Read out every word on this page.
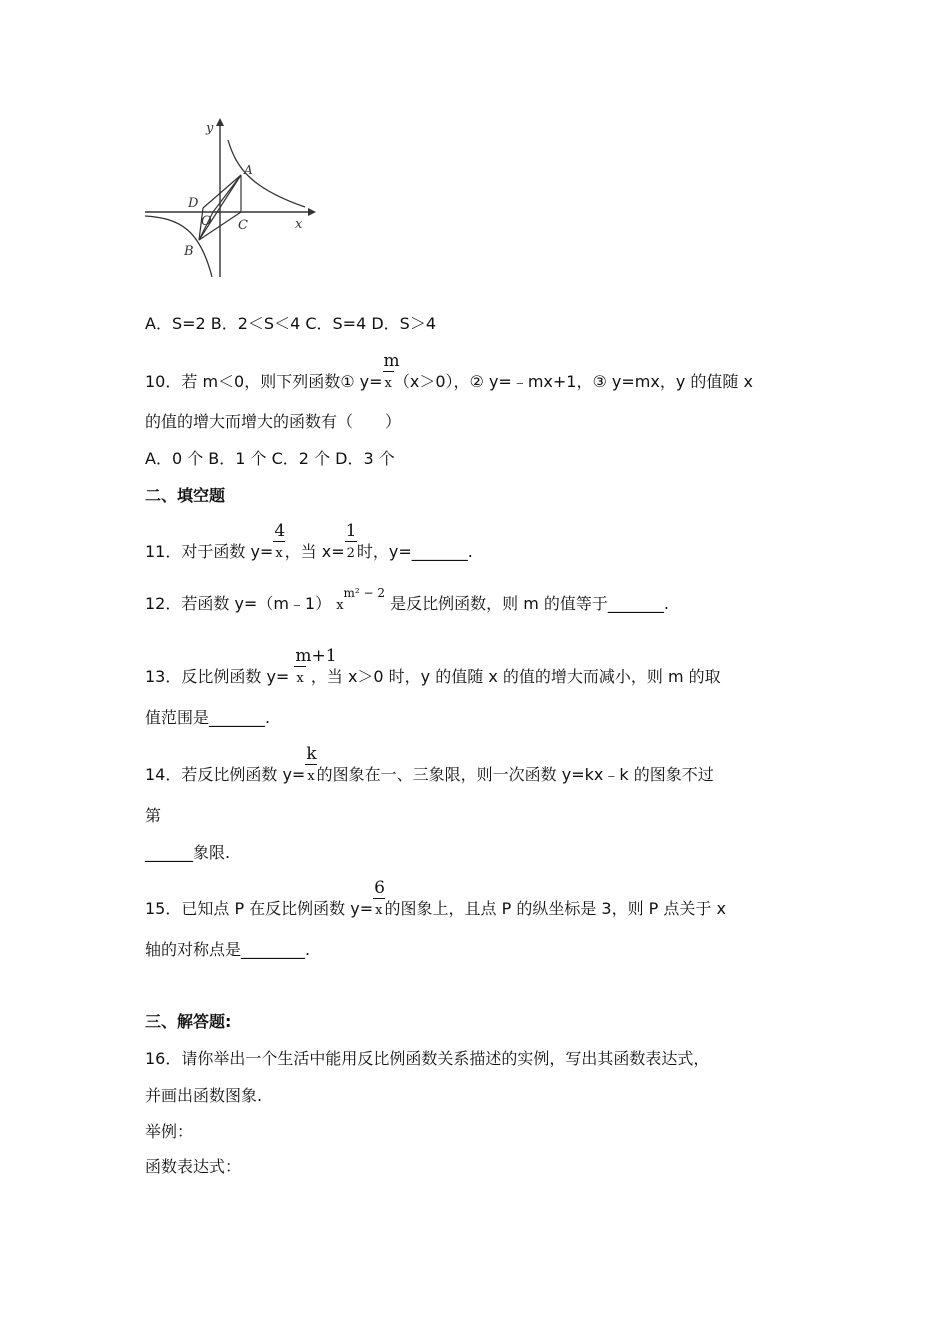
y
x
A
D
O C
B
A．S=2 B．2＜S＜4 C．S=4 D．S＞4
10．若 m＜0，则下列函数① $y= \frac{m}{x}(x>0)$，② y=﹣mx+1，③ y=mx，y 的值随 x
的值的增大而增大的函数有（　　）
A．0 个 B．1 个 C．2 个 D．3 个
二、填空题
11．对于函数 $y= \frac{4}{x}$，当 $x= \frac{1}{2}$时，y=_______.
12．若函数 y=（m﹣1） $x^{m^2 - 2}$ 是反比例函数，则 m 的值等于_______.
13．反比例函数 $y= \frac{m+1}{x}$ ，当 x＞0 时，y 的值随 x 的值的增大而减小，则 m 的取
值范围是_______.
14．若反比例函数 $y= \frac{k}{x}$的图象在一、三象限，则一次函数 y=kx﹣k 的图象不过
第
______象限.
15．已知点 P 在反比例函数 $y= \frac{6}{x}$的图象上，且点 P 的纵坐标是 3，则 P 点关于 x
轴的对称点是________.
三、解答题:
16．请你举出一个生活中能用反比例函数关系描述的实例，写出其函数表达式，
并画出函数图象.
举例：
函数表达式：
